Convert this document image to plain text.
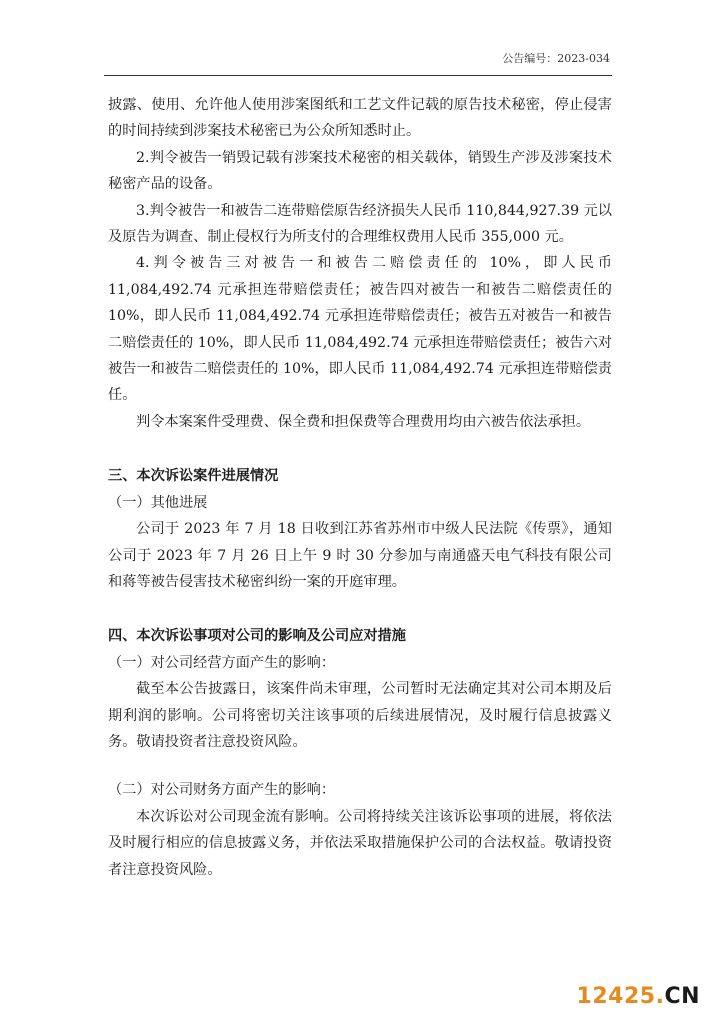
公告编号：2023-034

披露、使用、允许他人使用涉案图纸和工艺文件记载的原告技术秘密，停止侵害的时间持续到涉案技术秘密已为公众所知悉时止。

2.判令被告一销毁记载有涉案技术秘密的相关载体，销毁生产涉及涉案技术秘密产品的设备。

3.判令被告一和被告二连带赔偿原告经济损失人民币 110,844,927.39 元以及原告为调查、制止侵权行为所支付的合理维权费用人民币 355,000 元。

4.判令被告三对被告一和被告二赔偿责任的 10%，即人民币 11,084,492.74 元承担连带赔偿责任；被告四对被告一和被告二赔偿责任的 10%，即人民币 11,084,492.74 元承担连带赔偿责任；被告五对被告一和被告二赔偿责任的 10%，即人民币 11,084,492.74 元承担连带赔偿责任；被告六对被告一和被告二赔偿责任的 10%，即人民币 11,084,492.74 元承担连带赔偿责任。

判令本案案件受理费、保全费和担保费等合理费用均由六被告依法承担。

三、本次诉讼案件进展情况

（一）其他进展

公司于 2023 年 7 月 18 日收到江苏省苏州市中级人民法院《传票》，通知公司于 2023 年 7 月 26 日上午 9 时 30 分参加与南通盛天电气科技有限公司和蒋等被告侵害技术秘密纠纷一案的开庭审理。

四、本次诉讼事项对公司的影响及公司应对措施

（一）对公司经营方面产生的影响：

截至本公告披露日，该案件尚未审理，公司暂时无法确定其对公司本期及后期利润的影响。公司将密切关注该事项的后续进展情况，及时履行信息披露义务。敬请投资者注意投资风险。

（二）对公司财务方面产生的影响：

本次诉讼对公司现金流有影响。公司将持续关注该诉讼事项的进展，将依法及时履行相应的信息披露义务，并依法采取措施保护公司的合法权益。敬请投资者注意投资风险。

12425.CN
